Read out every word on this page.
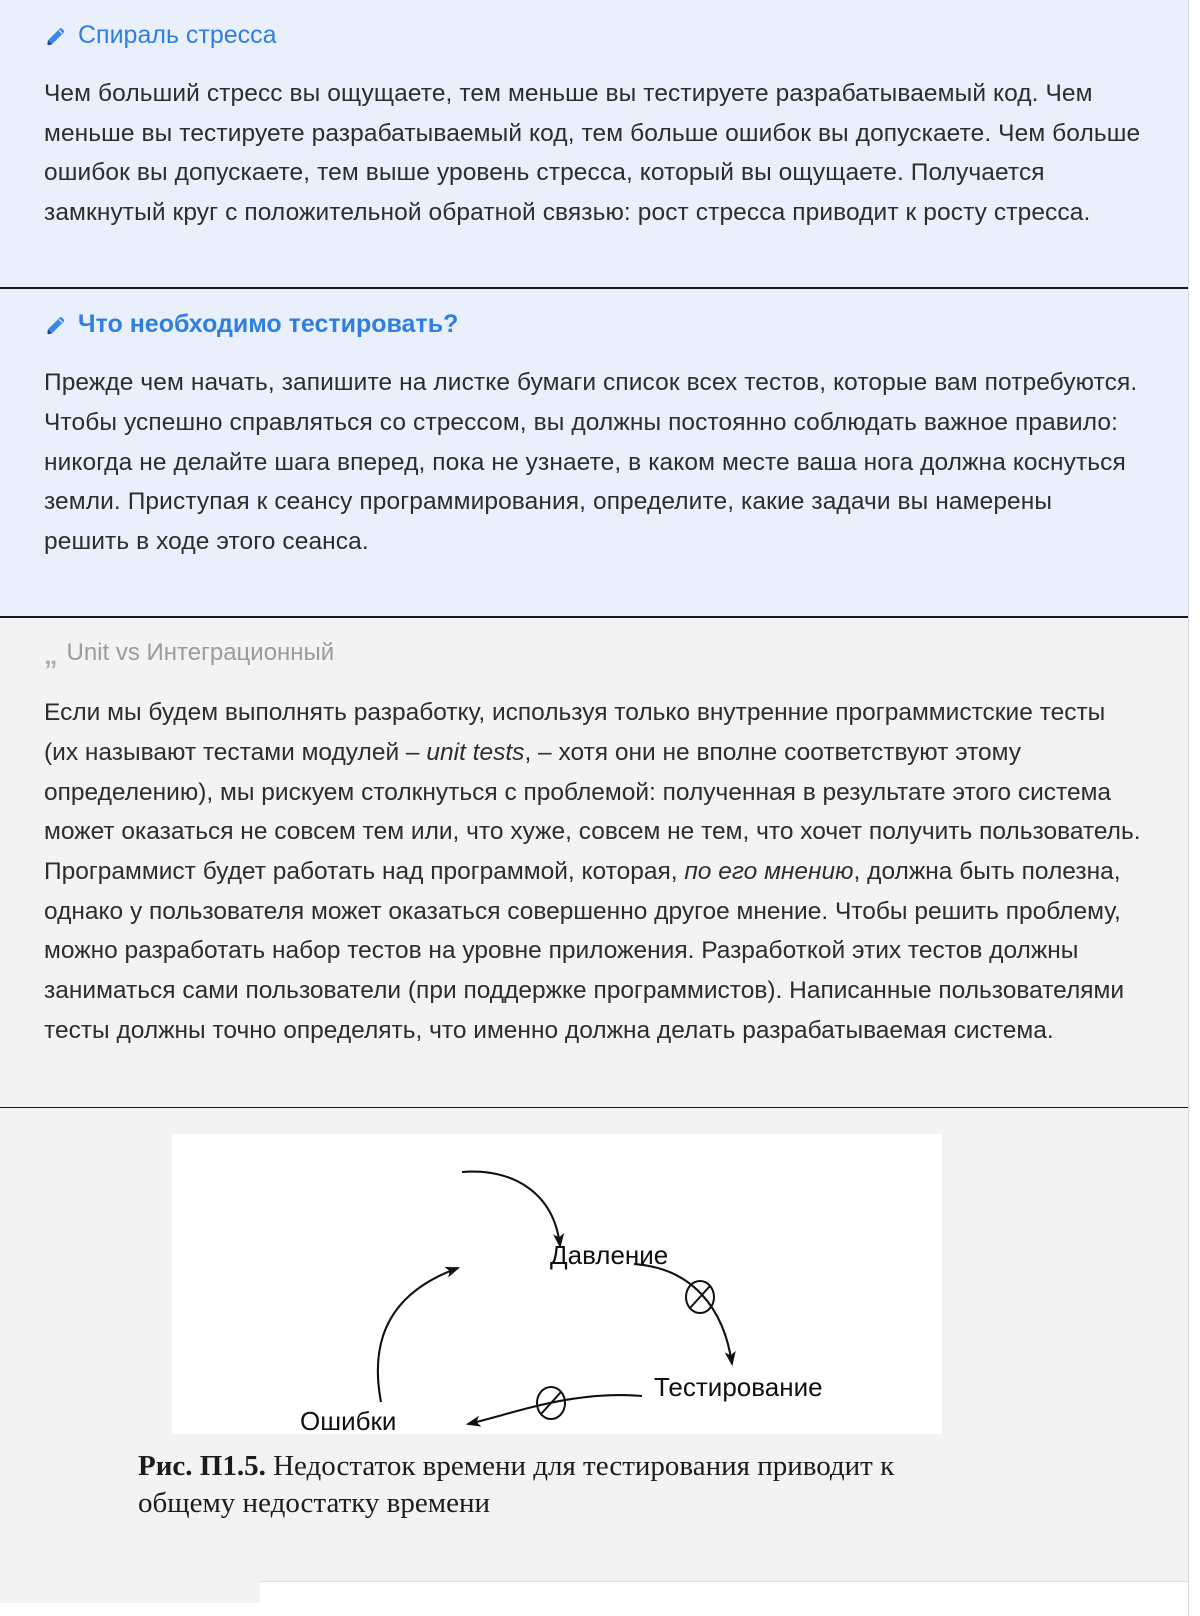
Спираль стресса

Чем больший стресс вы ощущаете, тем меньше вы тестируете разрабатываемый код. Чем меньше вы тестируете разрабатываемый код, тем больше ошибок вы допускаете. Чем больше ошибок вы допускаете, тем выше уровень стресса, который вы ощущаете. Получается замкнутый круг с положительной обратной связью: рост стресса приводит к росту стресса.

Что необходимо тестировать?

Прежде чем начать, запишите на листке бумаги список всех тестов, которые вам потребуются. Чтобы успешно справляться со стрессом, вы должны постоянно соблюдать важное правило: никогда не делайте шага вперед, пока не узнаете, в каком месте ваша нога должна коснуться земли. Приступая к сеансу программирования, определите, какие задачи вы намерены решить в ходе этого сеанса.

„ Unit vs Интеграционный

Если мы будем выполнять разработку, используя только внутренние программистские тесты (их называют тестами модулей – unit tests, – хотя они не вполне соответствуют этому определению), мы рискуем столкнуться с проблемой: полученная в результате этого система может оказаться не совсем тем или, что хуже, совсем не тем, что хочет получить пользователь. Программист будет работать над программой, которая, по его мнению, должна быть полезна, однако у пользователя может оказаться совершенно другое мнение. Чтобы решить проблему, можно разработать набор тестов на уровне приложения. Разработкой этих тестов должны заниматься сами пользователи (при поддержке программистов). Написанные пользователями тесты должны точно определять, что именно должна делать разрабатываемая система.

Давление
Тестирование
Ошибки

Рис. П1.5. Недостаток времени для тестирования приводит к общему недостатку времени
